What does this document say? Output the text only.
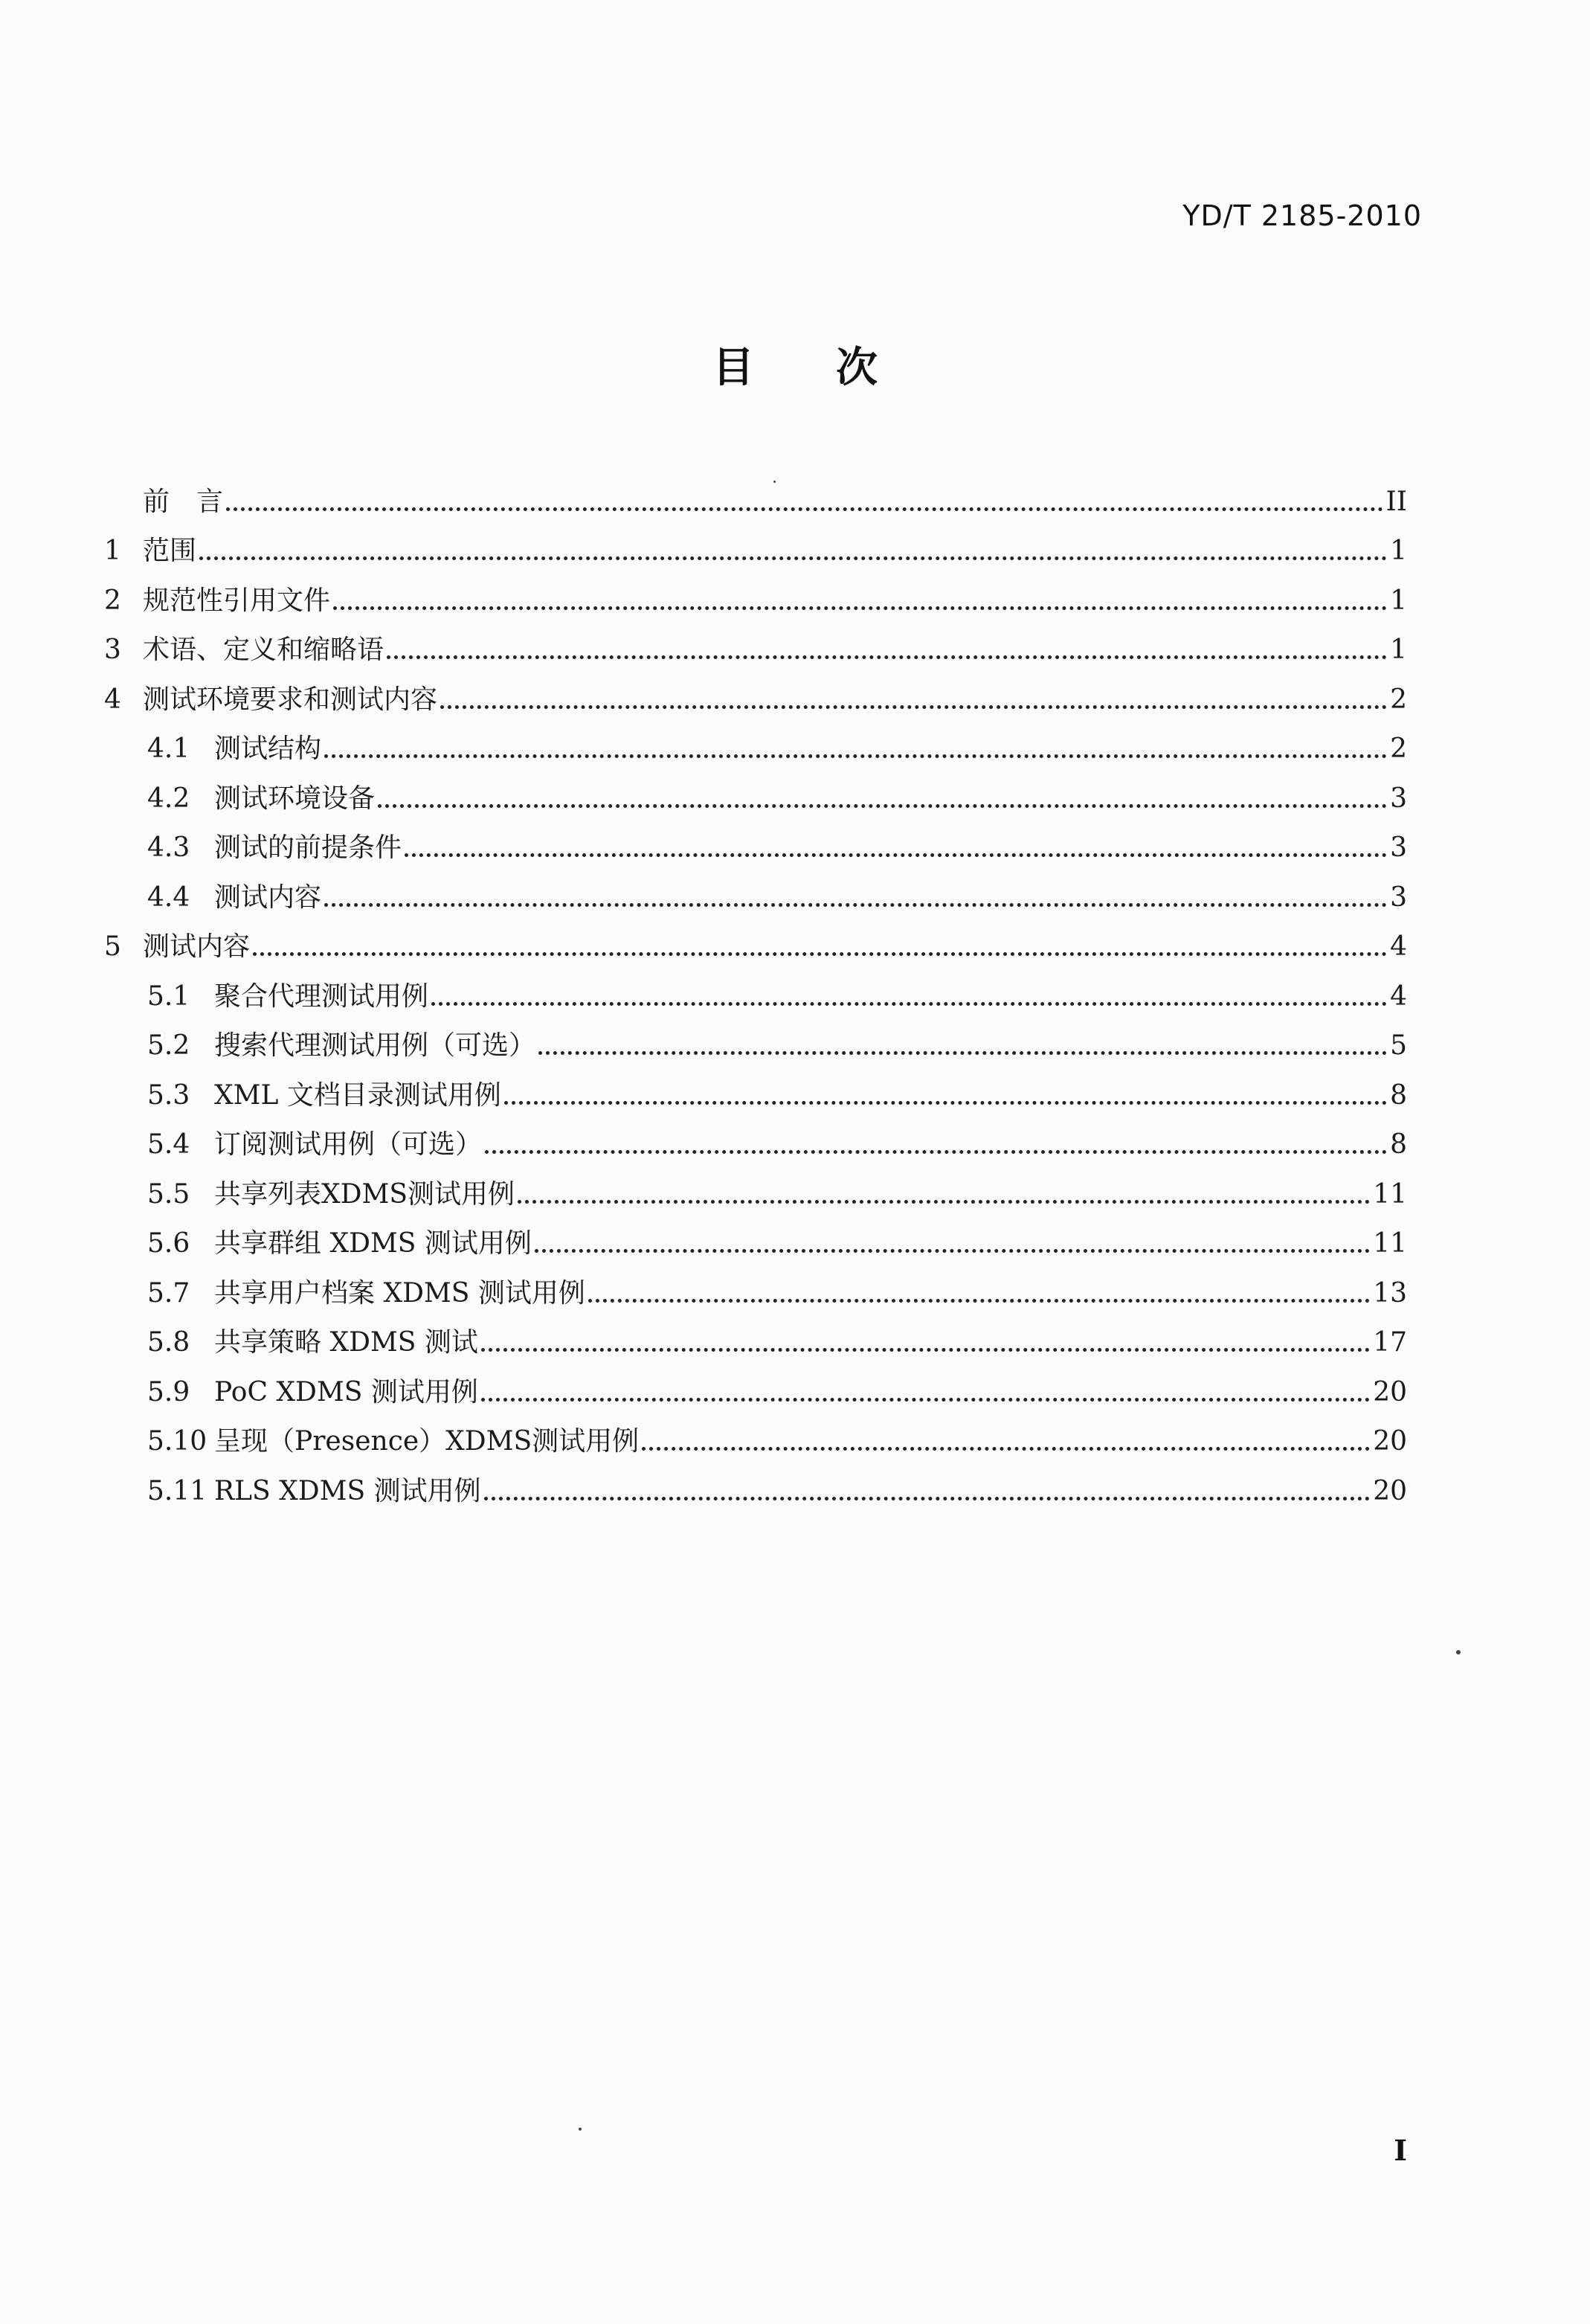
YD/T 2185-2010
目 次
前　言	II
1 范围	1
2 规范性引用文件	1
3 术语、定义和缩略语	1
4 测试环境要求和测试内容	2
4.1 测试结构	2
4.2 测试环境设备	3
4.3 测试的前提条件	3
4.4 测试内容	3
5 测试内容	4
5.1 聚合代理测试用例	4
5.2 搜索代理测试用例（可选）	5
5.3 XML 文档目录测试用例	8
5.4 订阅测试用例（可选）	8
5.5 共享列表XDMS测试用例	11
5.6 共享群组 XDMS 测试用例	11
5.7 共享用户档案 XDMS 测试用例	13
5.8 共享策略 XDMS 测试	17
5.9 PoC XDMS 测试用例	20
5.10 呈现（Presence）XDMS测试用例	20
5.11 RLS XDMS 测试用例	20
I
